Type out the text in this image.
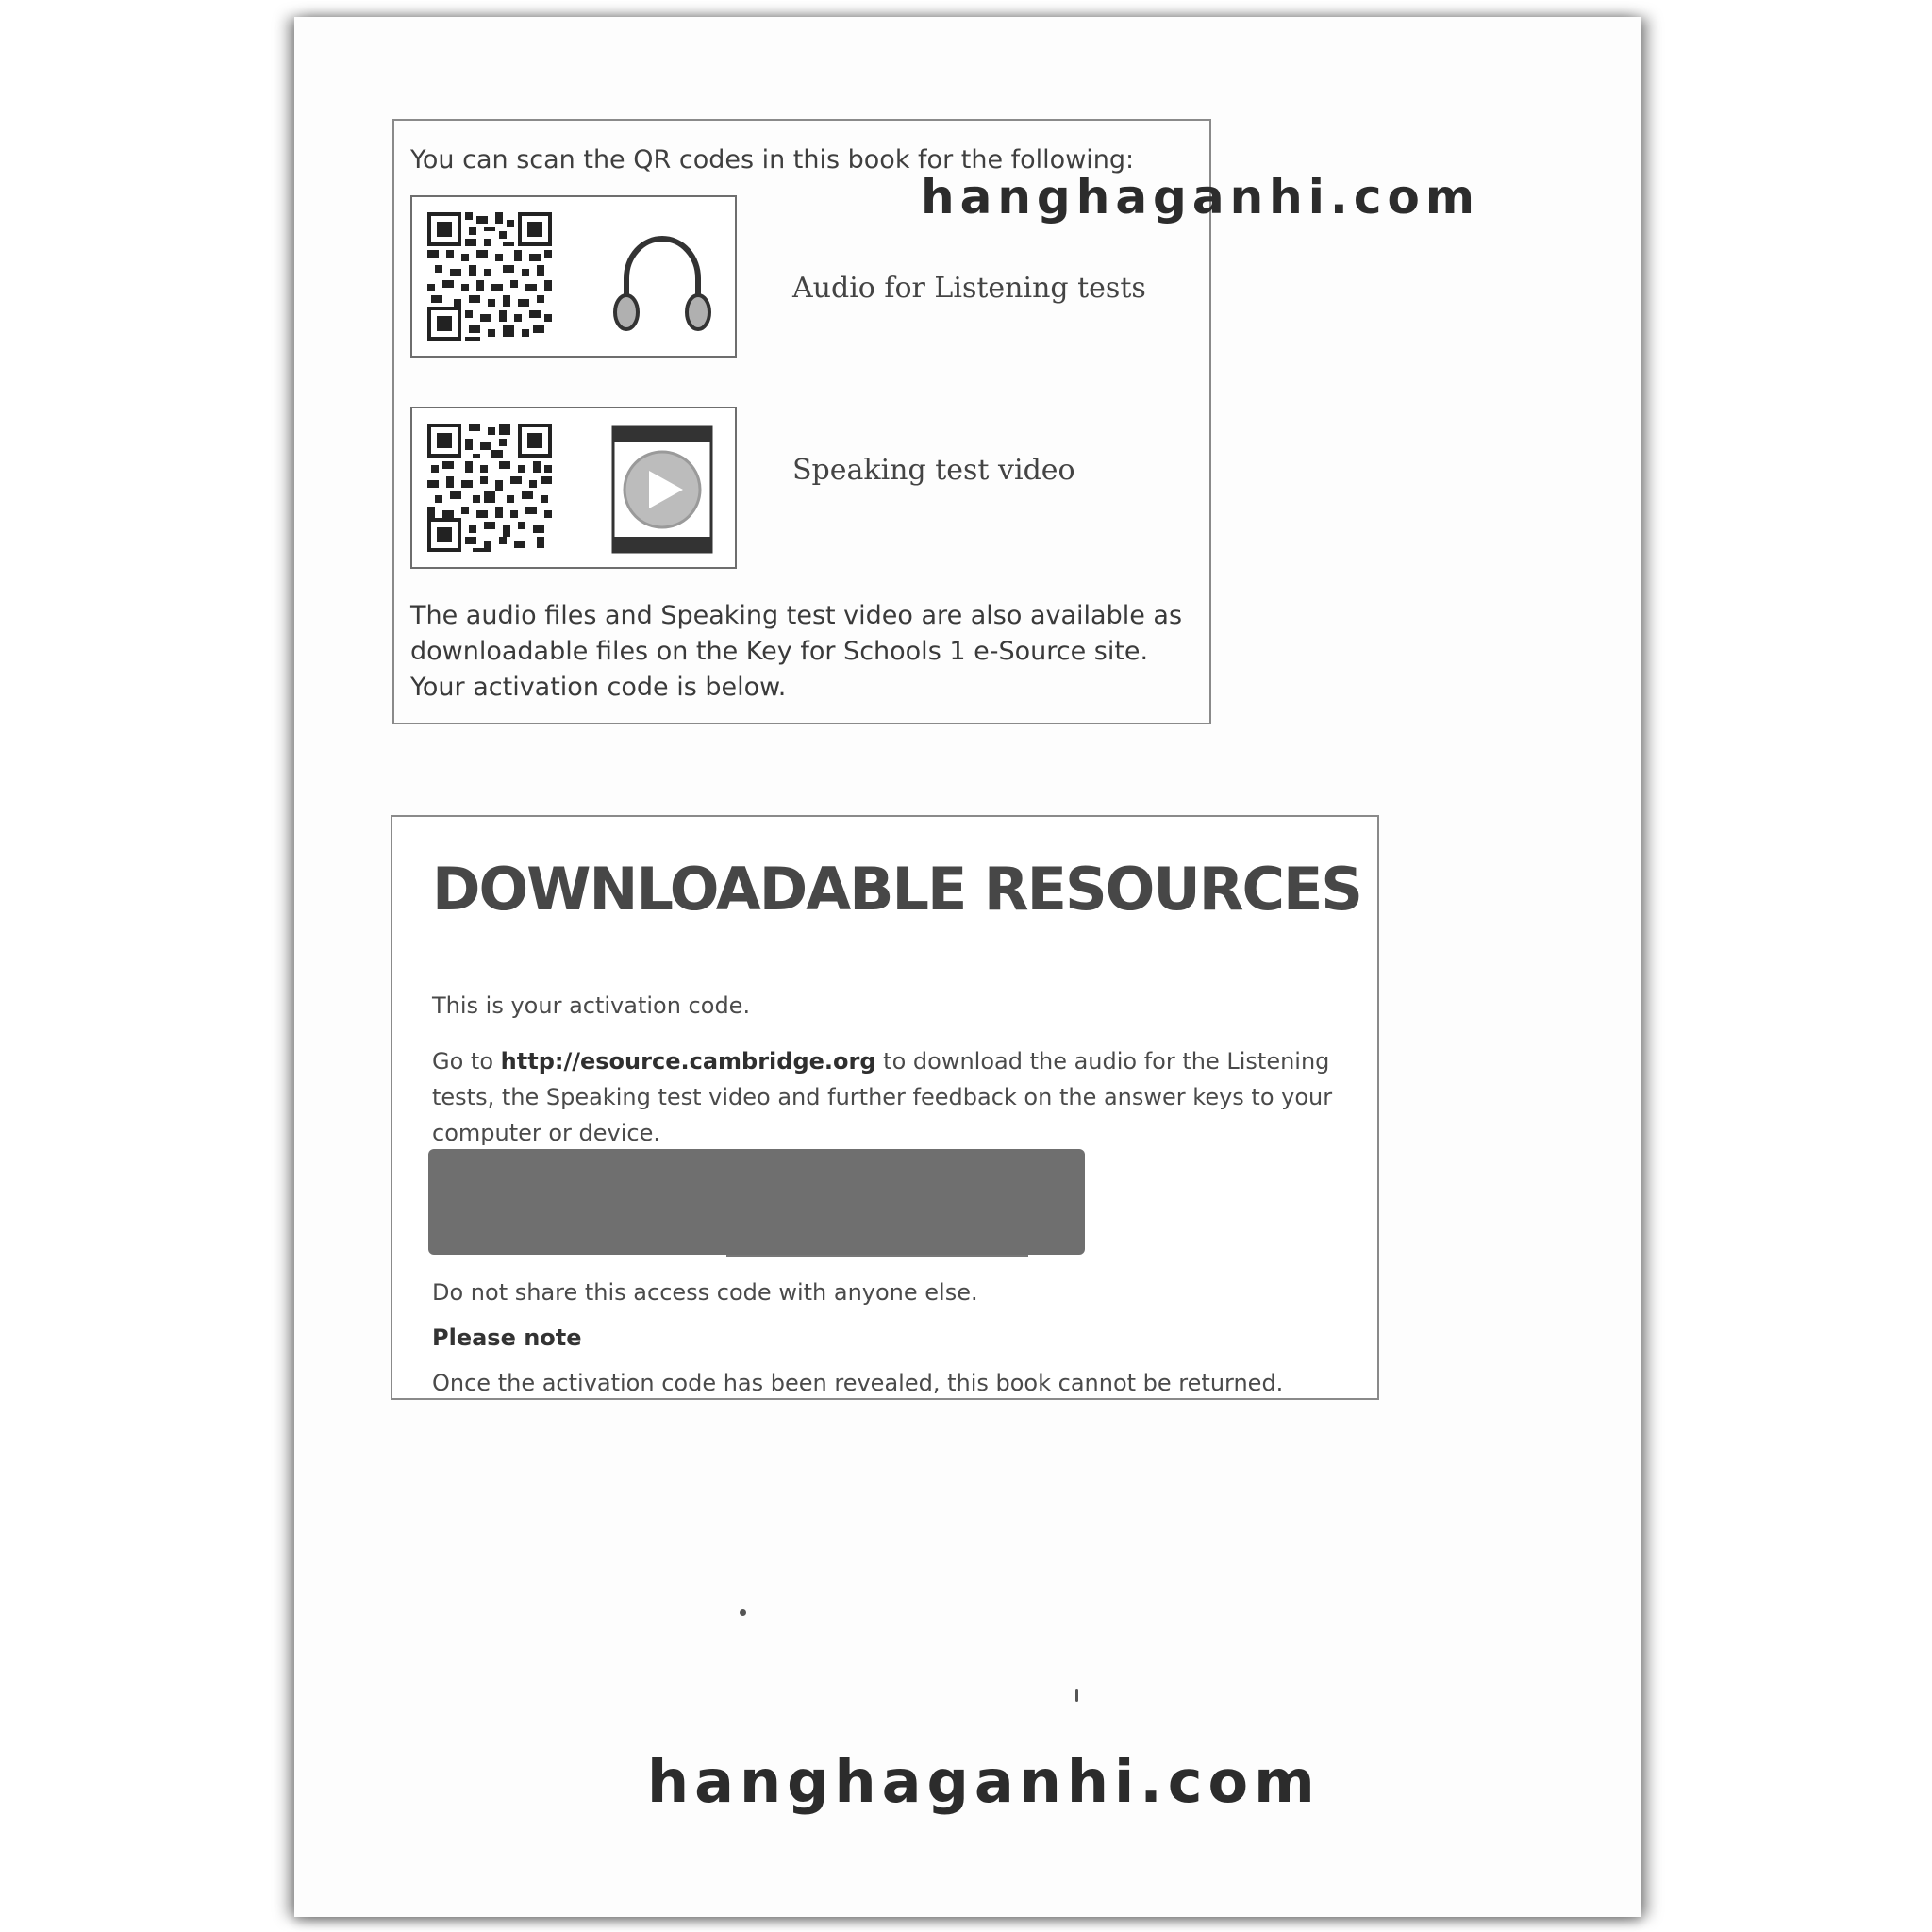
You can scan the QR codes in this book for the following:
Audio for Listening tests
Speaking test video
The audio files and Speaking test video are also available as downloadable files on the Key for Schools 1 e-Source site. Your activation code is below.
DOWNLOADABLE RESOURCES
This is your activation code.
Go to http://esource.cambridge.org to download the audio for the Listening tests, the Speaking test video and further feedback on the answer keys to your computer or device.
Do not share this access code with anyone else.
Please note
Once the activation code has been revealed, this book cannot be returned.
hanghaganhi.com
hanghaganhi.com
